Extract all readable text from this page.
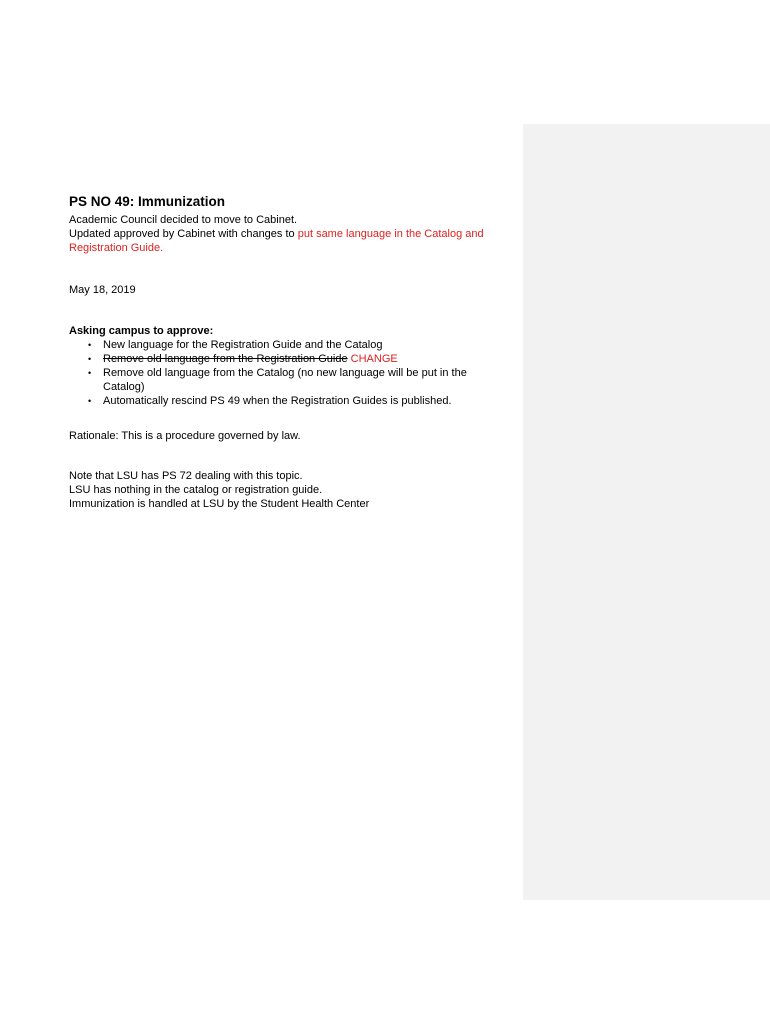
PS NO 49: Immunization
Academic Council decided to move to Cabinet.
Updated approved by Cabinet with changes to put same language in the Catalog and Registration Guide.
May 18, 2019
Asking campus to approve:
• New language for the Registration Guide and the Catalog
• Remove old language from the Registration Guide CHANGE
• Remove old language from the Catalog (no new language will be put in the Catalog)
• Automatically rescind PS 49 when the Registration Guides is published.
Rationale: This is a procedure governed by law.
Note that LSU has PS 72 dealing with this topic.
LSU has nothing in the catalog or registration guide.
Immunization is handled at LSU by the Student Health Center
